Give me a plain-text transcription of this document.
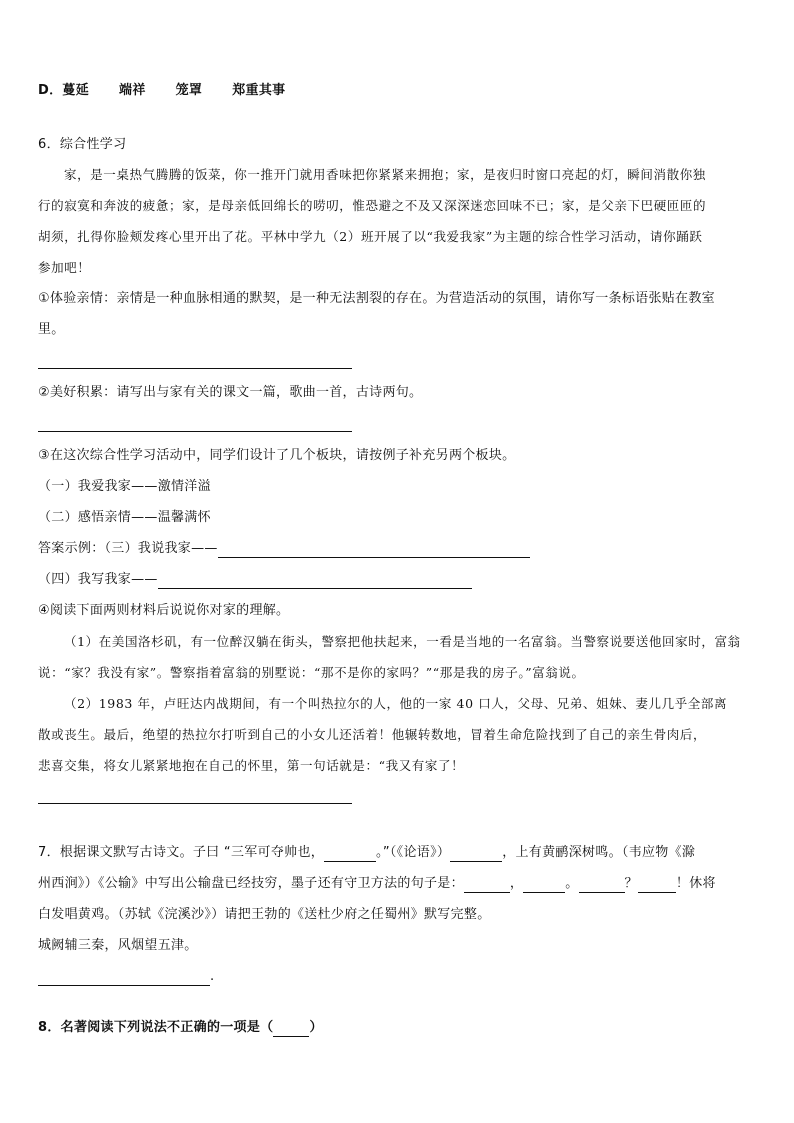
D．蔓延 端祥 笼罩 郑重其事
6．综合性学习
家，是一桌热气腾腾的饭菜，你一推开门就用香味把你紧紧来拥抱；家，是夜归时窗口亮起的灯，瞬间消散你独
行的寂寞和奔波的疲惫；家，是母亲低回绵长的唠叨，惟恐避之不及又深深迷恋回味不已；家，是父亲下巴硬匝匝的
胡须，扎得你脸颊发疼心里开出了花。平林中学九（2）班开展了以“我爱我家”为主题的综合性学习活动，请你踊跃
参加吧！
①体验亲情：亲情是一种血脉相通的默契，是一种无法割裂的存在。为营造活动的氛围，请你写一条标语张贴在教室
里。
②美好积累：请写出与家有关的课文一篇，歌曲一首，古诗两句。
③在这次综合性学习活动中，同学们设计了几个板块，请按例子补充另两个板块。
（一）我爱我家——激情洋溢
（二）感悟亲情——温馨满怀
答案示例：（三）我说我家——
（四）我写我家——
④阅读下面两则材料后说说你对家的理解。
（1）在美国洛杉矶，有一位醉汉躺在街头，警察把他扶起来，一看是当地的一名富翁。当警察说要送他回家时，富翁
说：“家？我没有家”。警察指着富翁的别墅说：“那不是你的家吗？”“那是我的房子。”富翁说。
（2）1983 年，卢旺达内战期间，有一个叫热拉尔的人，他的一家 40 口人，父母、兄弟、姐妹、妻儿几乎全部离
散或丧生。最后，绝望的热拉尔打听到自己的小女儿还活着！他辗转数地，冒着生命危险找到了自己的亲生骨肉后，
悲喜交集，将女儿紧紧地抱在自己的怀里，第一句话就是：“我又有家了！
7．根据课文默写古诗文。子曰 “三军可夺帅也，	。”（《论语》）	，上有黄鹂深树鸣。（韦应物《滁
州西涧》）《公输》中写出公输盘已经技穷，墨子还有守卫方法的句子是：	，	。	？	！休将
白发唱黄鸡。（苏轼《浣溪沙》）请把王勃的《送杜少府之任蜀州》默写完整。
城阙辅三秦，风烟望五津。
.
8．名著阅读下列说法不正确的一项是（	）
